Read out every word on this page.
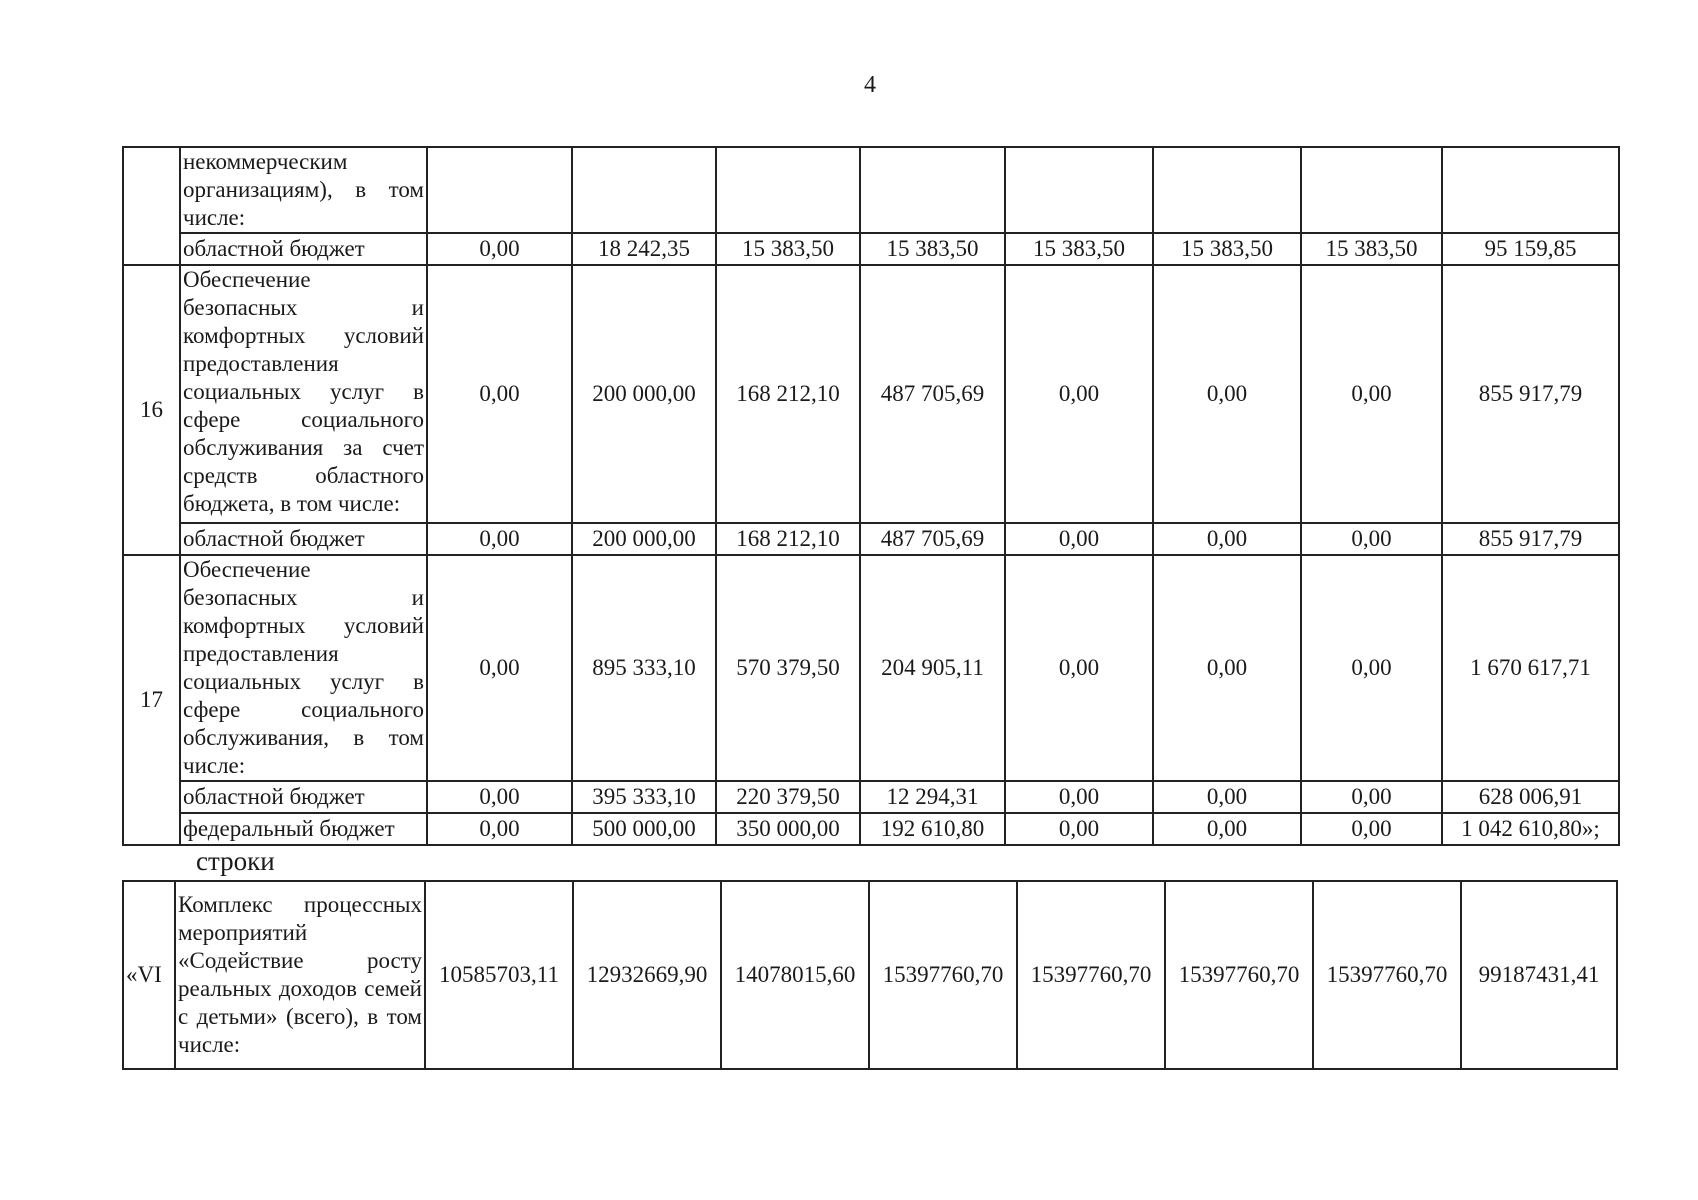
4
	некоммерческим организациям), в том числе:								
	областной бюджет	0,00	18 242,35	15 383,50	15 383,50	15 383,50	15 383,50	15 383,50	95 159,85
16	Обеспечение безопасных и комфортных условий предоставления социальных услуг в сфере социального обслуживания за счет средств областного бюджета, в том числе:	0,00	200 000,00	168 212,10	487 705,69	0,00	0,00	0,00	855 917,79
	областной бюджет	0,00	200 000,00	168 212,10	487 705,69	0,00	0,00	0,00	855 917,79
17	Обеспечение безопасных и комфортных условий предоставления социальных услуг в сфере социального обслуживания, в том числе:	0,00	895 333,10	570 379,50	204 905,11	0,00	0,00	0,00	1 670 617,71
	областной бюджет	0,00	395 333,10	220 379,50	12 294,31	0,00	0,00	0,00	628 006,91
	федеральный бюджет	0,00	500 000,00	350 000,00	192 610,80	0,00	0,00	0,00	1 042 610,80»;
строки
«VI	Комплекс процессных мероприятий «Содействие росту реальных доходов семей с детьми» (всего), в том числе:	10585703,11	12932669,90	14078015,60	15397760,70	15397760,70	15397760,70	15397760,70	99187431,41
